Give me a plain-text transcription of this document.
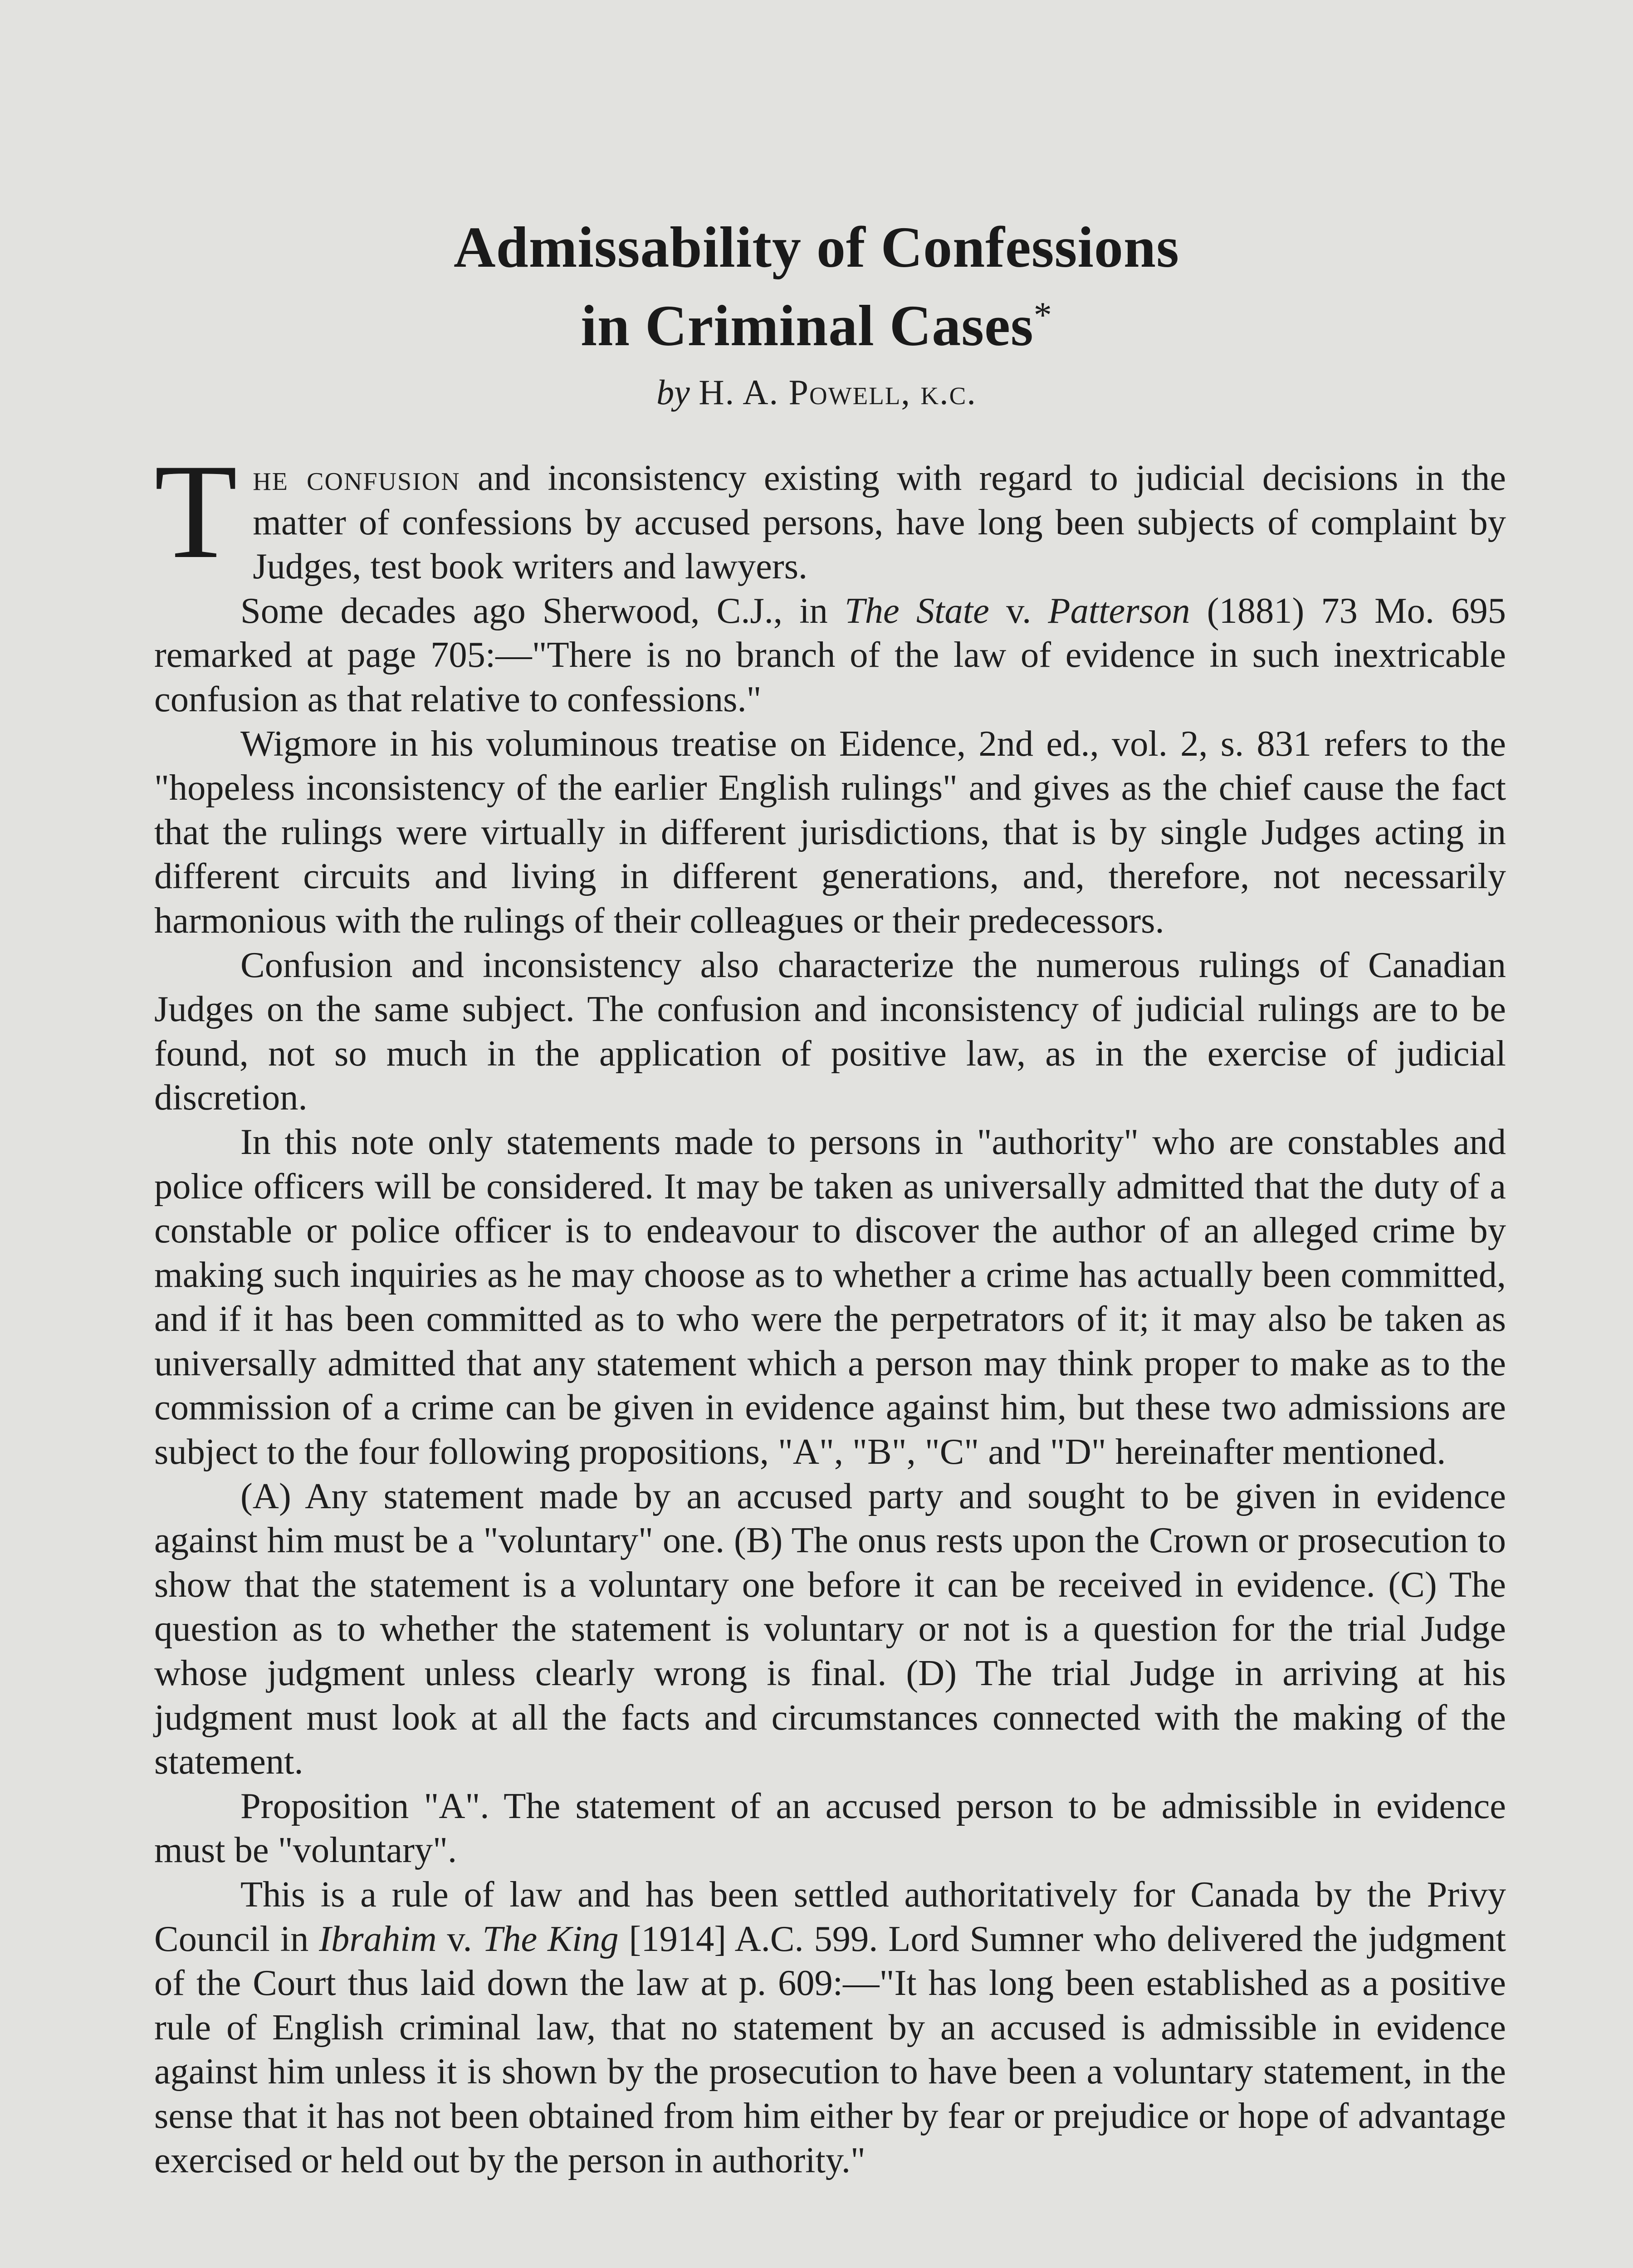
Admissability of Confessions
in Criminal Cases*
by H. A. Powell, k.c.

The confusion and inconsistency existing with regard to judicial decisions in the matter of confessions by accused persons, have long been subjects of complaint by Judges, test book writers and lawyers.

Some decades ago Sherwood, C.J., in The State v. Patterson (1881) 73 Mo. 695 remarked at page 705:—"There is no branch of the law of evidence in such inextricable confusion as that relative to confessions."

Wigmore in his voluminous treatise on Eidence, 2nd ed., vol. 2, s. 831 refers to the "hopeless inconsistency of the earlier English rulings" and gives as the chief cause the fact that the rulings were virtually in different jurisdictions, that is by single Judges acting in different circuits and living in different generations, and, therefore, not necessarily harmonious with the rulings of their colleagues or their predecessors.

Confusion and inconsistency also characterize the numerous rulings of Canadian Judges on the same subject. The confusion and inconsistency of judicial rulings are to be found, not so much in the application of positive law, as in the exercise of judicial discretion.

In this note only statements made to persons in "authority" who are constables and police officers will be considered. It may be taken as universally admitted that the duty of a constable or police officer is to endeavour to discover the author of an alleged crime by making such inquiries as he may choose as to whether a crime has actually been committed, and if it has been committed as to who were the perpetrators of it; it may also be taken as universally admitted that any statement which a person may think proper to make as to the commission of a crime can be given in evidence against him, but these two admissions are subject to the four following propositions, "A", "B", "C" and "D" hereinafter mentioned.

(A) Any statement made by an accused party and sought to be given in evidence against him must be a "voluntary" one. (B) The onus rests upon the Crown or prosecution to show that the statement is a voluntary one before it can be received in evidence. (C) The question as to whether the statement is voluntary or not is a question for the trial Judge whose judgment unless clearly wrong is final. (D) The trial Judge in arriving at his judgment must look at all the facts and circumstances connected with the making of the statement.

Proposition "A". The statement of an accused person to be admissible in evidence must be "voluntary".

This is a rule of law and has been settled authoritatively for Canada by the Privy Council in Ibrahim v. The King [1914] A.C. 599. Lord Sumner who delivered the judgment of the Court thus laid down the law at p. 609:—"It has long been established as a positive rule of English criminal law, that no statement by an accused is admissible in evidence against him unless it is shown by the prosecution to have been a voluntary statement, in the sense that it has not been obtained from him either by fear or prejudice or hope of advantage exercised or held out by the person in authority."
